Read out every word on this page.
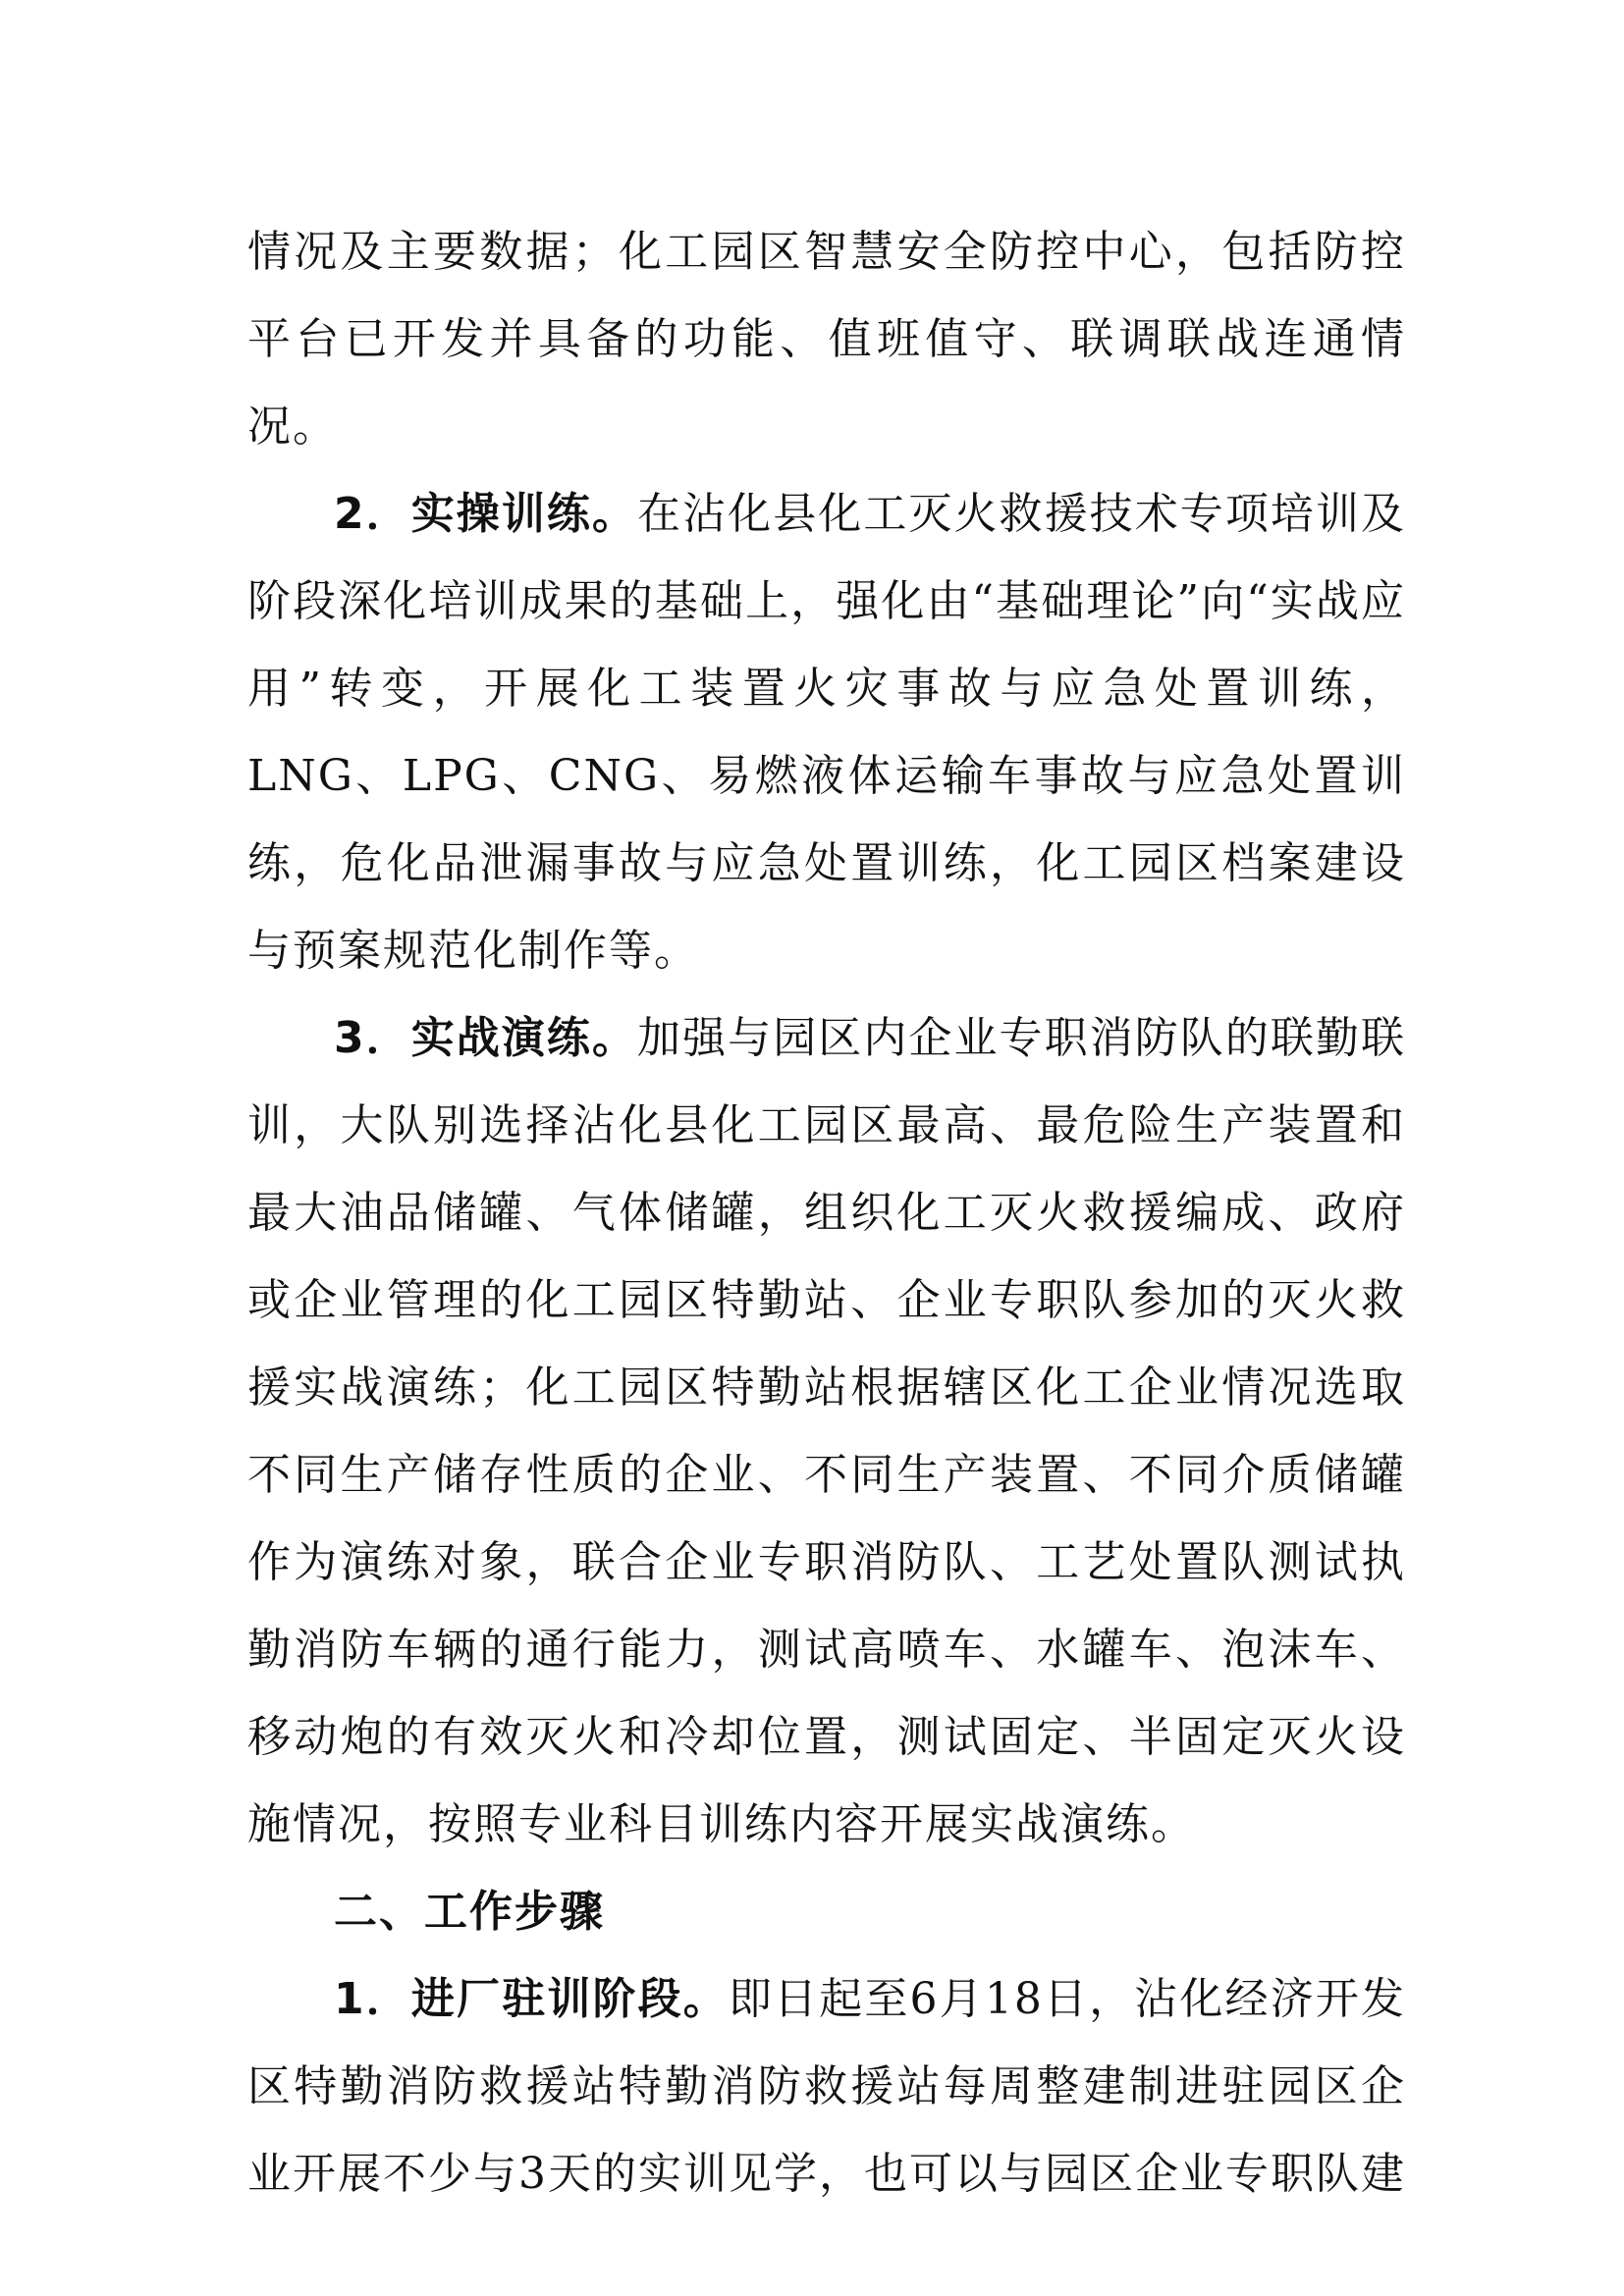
情况及主要数据；化工园区智慧安全防控中心，包括防控平台已开发并具备的功能、值班值守、联调联战连通情况。

2．实操训练。在沾化县化工灭火救援技术专项培训及阶段深化培训成果的基础上，强化由“基础理论”向“实战应用”转变，开展化工装置火灾事故与应急处置训练，LNG、LPG、CNG、易燃液体运输车事故与应急处置训练，危化品泄漏事故与应急处置训练，化工园区档案建设与预案规范化制作等。

3．实战演练。加强与园区内企业专职消防队的联勤联训，大队别选择沾化县化工园区最高、最危险生产装置和最大油品储罐、气体储罐，组织化工灭火救援编成、政府或企业管理的化工园区特勤站、企业专职队参加的灭火救援实战演练；化工园区特勤站根据辖区化工企业情况选取不同生产储存性质的企业、不同生产装置、不同介质储罐作为演练对象，联合企业专职消防队、工艺处置队测试执勤消防车辆的通行能力，测试高喷车、水罐车、泡沫车、移动炮的有效灭火和冷却位置，测试固定、半固定灭火设施情况，按照专业科目训练内容开展实战演练。

二、工作步骤

1．进厂驻训阶段。即日起至6月18日，沾化经济开发区特勤消防救援站特勤消防救援站每周整建制进驻园区企业开展不少与3天的实训见学，也可以与园区企业专职队建
